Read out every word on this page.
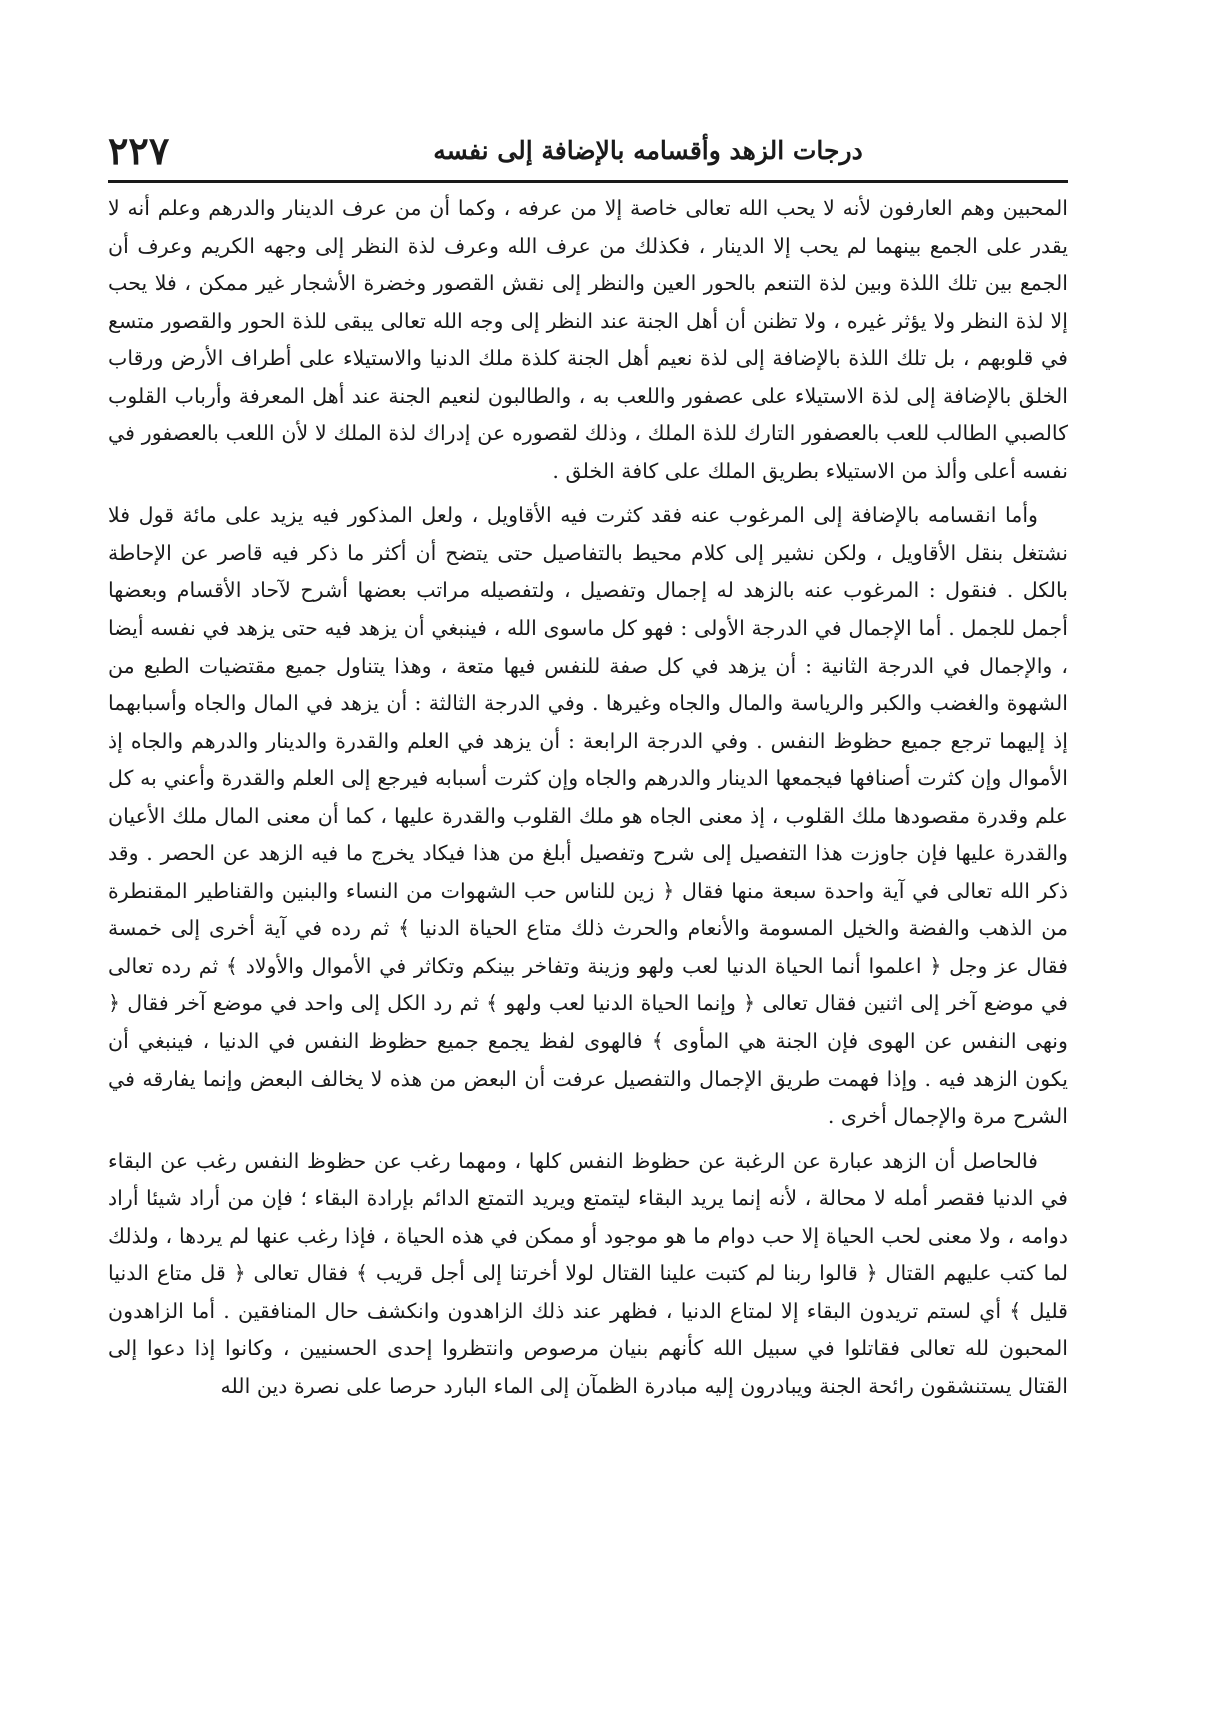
درجات الزهد وأقسامه بالإضافة إلى نفسه
٢٢٧

المحبين وهم العارفون لأنه لا يحب الله تعالى خاصة إلا من عرفه ، وكما أن من عرف الدينار والدرهم وعلم أنه لا يقدر على الجمع بينهما لم يحب إلا الدينار ، فكذلك من عرف الله وعرف لذة النظر إلى وجهه الكريم وعرف أن الجمع بين تلك اللذة وبين لذة التنعم بالحور العين والنظر إلى نقش القصور وخضرة الأشجار غير ممكن ، فلا يحب إلا لذة النظر ولا يؤثر غيره ، ولا تظنن أن أهل الجنة عند النظر إلى وجه الله تعالى يبقى للذة الحور والقصور متسع في قلوبهم ، بل تلك اللذة بالإضافة إلى لذة نعيم أهل الجنة كلذة ملك الدنيا والاستيلاء على أطراف الأرض ورقاب الخلق بالإضافة إلى لذة الاستيلاء على عصفور واللعب به ، والطالبون لنعيم الجنة عند أهل المعرفة وأرباب القلوب كالصبي الطالب للعب بالعصفور التارك للذة الملك ، وذلك لقصوره عن إدراك لذة الملك لا لأن اللعب بالعصفور في نفسه أعلى وألذ من الاستيلاء بطريق الملك على كافة الخلق .

وأما انقسامه بالإضافة إلى المرغوب عنه فقد كثرت فيه الأقاويل ، ولعل المذكور فيه يزيد على مائة قول فلا نشتغل بنقل الأقاويل ، ولكن نشير إلى كلام محيط بالتفاصيل حتى يتضح أن أكثر ما ذكر فيه قاصر عن الإحاطة بالكل . فنقول : المرغوب عنه بالزهد له إجمال وتفصيل ، ولتفصيله مراتب بعضها أشرح لآحاد الأقسام وبعضها أجمل للجمل . أما الإجمال في الدرجة الأولى : فهو كل ماسوى الله ، فينبغي أن يزهد فيه حتى يزهد في نفسه أيضا ، والإجمال في الدرجة الثانية : أن يزهد في كل صفة للنفس فيها متعة ، وهذا يتناول جميع مقتضيات الطبع من الشهوة والغضب والكبر والرياسة والمال والجاه وغيرها . وفي الدرجة الثالثة : أن يزهد في المال والجاه وأسبابهما إذ إليهما ترجع جميع حظوظ النفس . وفي الدرجة الرابعة : أن يزهد في العلم والقدرة والدينار والدرهم والجاه إذ الأموال وإن كثرت أصنافها فيجمعها الدينار والدرهم والجاه وإن كثرت أسبابه فيرجع إلى العلم والقدرة وأعني به كل علم وقدرة مقصودها ملك القلوب ، إذ معنى الجاه هو ملك القلوب والقدرة عليها ، كما أن معنى المال ملك الأعيان والقدرة عليها فإن جاوزت هذا التفصيل إلى شرح وتفصيل أبلغ من هذا فيكاد يخرج ما فيه الزهد عن الحصر . وقد ذكر الله تعالى في آية واحدة سبعة منها فقال ﴿ زين للناس حب الشهوات من النساء والبنين والقناطير المقنطرة من الذهب والفضة والخيل المسومة والأنعام والحرث ذلك متاع الحياة الدنيا ﴾ ثم رده في آية أخرى إلى خمسة فقال عز وجل ﴿ اعلموا أنما الحياة الدنيا لعب ولهو وزينة وتفاخر بينكم وتكاثر في الأموال والأولاد ﴾ ثم رده تعالى في موضع آخر إلى اثنين فقال تعالى ﴿ وإنما الحياة الدنيا لعب ولهو ﴾ ثم رد الكل إلى واحد في موضع آخر فقال ﴿ ونهى النفس عن الهوى فإن الجنة هي المأوى ﴾ فالهوى لفظ يجمع جميع حظوظ النفس في الدنيا ، فينبغي أن يكون الزهد فيه . وإذا فهمت طريق الإجمال والتفصيل عرفت أن البعض من هذه لا يخالف البعض وإنما يفارقه في الشرح مرة والإجمال أخرى .

فالحاصل أن الزهد عبارة عن الرغبة عن حظوظ النفس كلها ، ومهما رغب عن حظوظ النفس رغب عن البقاء في الدنيا فقصر أمله لا محالة ، لأنه إنما يريد البقاء ليتمتع ويريد التمتع الدائم بإرادة البقاء ؛ فإن من أراد شيئا أراد دوامه ، ولا معنى لحب الحياة إلا حب دوام ما هو موجود أو ممكن في هذه الحياة ، فإذا رغب عنها لم يردها ، ولذلك لما كتب عليهم القتال ﴿ قالوا ربنا لم كتبت علينا القتال لولا أخرتنا إلى أجل قريب ﴾ فقال تعالى ﴿ قل متاع الدنيا قليل ﴾ أي لستم تريدون البقاء إلا لمتاع الدنيا ، فظهر عند ذلك الزاهدون وانكشف حال المنافقين . أما الزاهدون المحبون لله تعالى فقاتلوا في سبيل الله كأنهم بنيان مرصوص وانتظروا إحدى الحسنيين ، وكانوا إذا دعوا إلى القتال يستنشقون رائحة الجنة ويبادرون إليه مبادرة الظمآن إلى الماء البارد حرصا على نصرة دين الله
